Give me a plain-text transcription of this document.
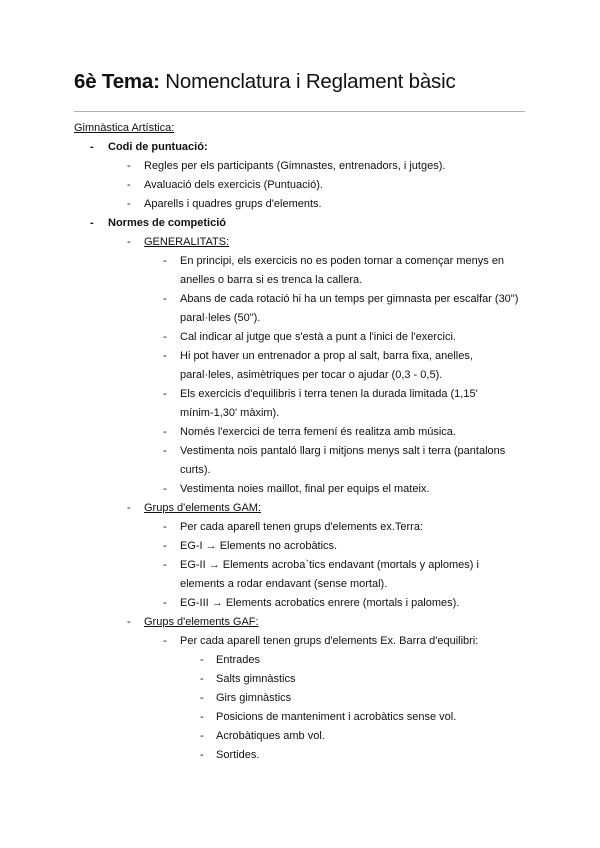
6è Tema: Nomenclatura i Reglament bàsic
Gimnàstica Artística:
- Codi de puntuació:
- Regles per els participants (Gimnastes, entrenadors, i jutges).
- Avaluació dels exercicis (Puntuació).
- Aparells i quadres grups d'elements.
- Normes de competició
- GENERALITATS:
- En principi, els exercicis no es poden tornar a començar menys en
anelles o barra si es trenca la callera.
- Abans de cada rotació hi ha un temps per gimnasta per escalfar (30")
paral·leles (50").
- Cal indicar al jutge que s'està a punt a l'inici de l'exercici.
- Hi pot haver un entrenador a prop al salt, barra fixa, anelles,
paral·leles, asimètriques per tocar o ajudar (0,3 - 0,5).
- Els exercicis d'equilibris i terra tenen la durada limitada (1,15'
mínim-1,30' màxim).
- Només l'exercici de terra femení és realitza amb música.
- Vestimenta nois pantaló llarg i mitjons menys salt i terra (pantalons
curts).
- Vestimenta noies maillot, final per equips el mateix.
- Grups d'elements GAM:
- Per cada aparell tenen grups d'elements ex.Terra:
- EG-I → Elements no acrobàtics.
- EG-II → Elements acroba`tics endavant (mortals y aplomes) i
elements a rodar endavant (sense mortal).
- EG-III → Elements acrobatics enrere (mortals i palomes).
- Grups d'elements GAF:
- Per cada aparell tenen grups d'elements Ex. Barra d'equilibri:
- Entrades
- Salts gimnàstics
- Girs gimnàstics
- Posicions de manteniment i acrobàtics sense vol.
- Acrobàtiques amb vol.
- Sortides.
